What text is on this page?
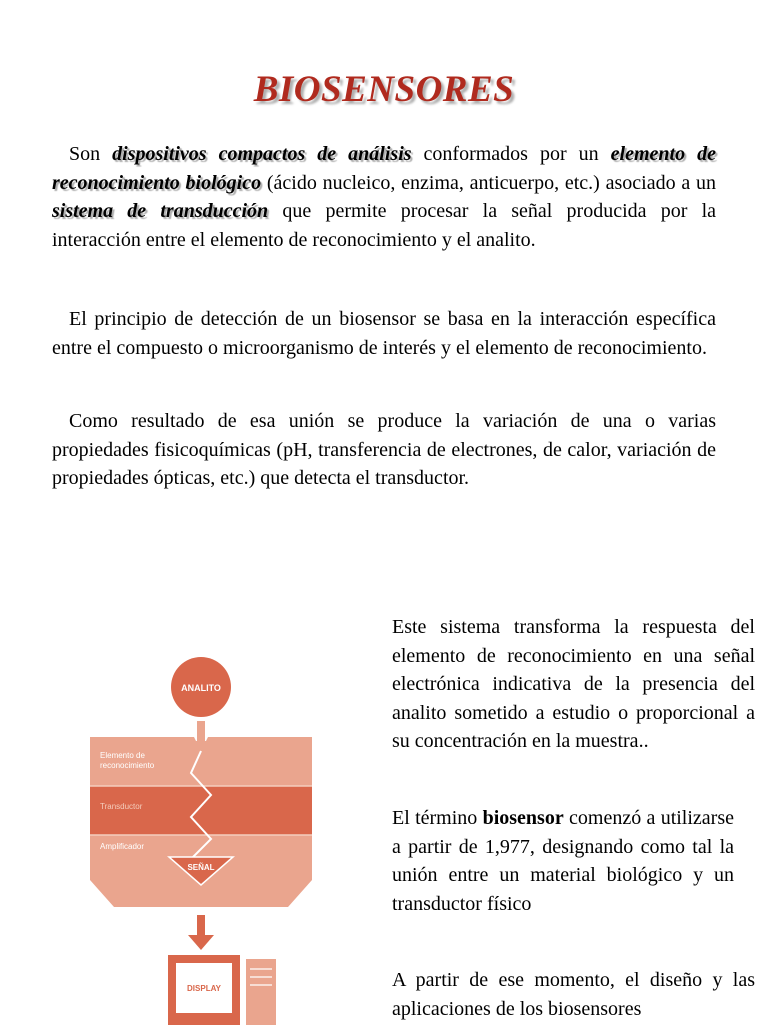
BIOSENSORES

Son dispositivos compactos de análisis conformados por un elemento de reconocimiento biológico (ácido nucleico, enzima, anticuerpo, etc.) asociado a un sistema de transducción que permite procesar la señal producida por la interacción entre el elemento de reconocimiento y el analito.

El principio de detección de un biosensor se basa en la interacción específica entre el compuesto o microorganismo de interés y el elemento de reconocimiento.

Como resultado de esa unión se produce la variación de una o varias propiedades fisicoquímicas (pH, transferencia de electrones, de calor, variación de propiedades ópticas, etc.) que detecta el transductor.

Este sistema transforma la respuesta del elemento de reconocimiento en una señal electrónica indicativa de la presencia del analito sometido a estudio o proporcional a su concentración en la muestra..

El término biosensor comenzó a utilizarse a partir de 1,977, designando como tal la unión entre un material biológico y un transductor físico

A partir de ese momento, el diseño y las aplicaciones de los biosensores

ANALITO
SEÑAL
Elemento de
reconocimiento
Transductor
Amplificador
DISPLAY
